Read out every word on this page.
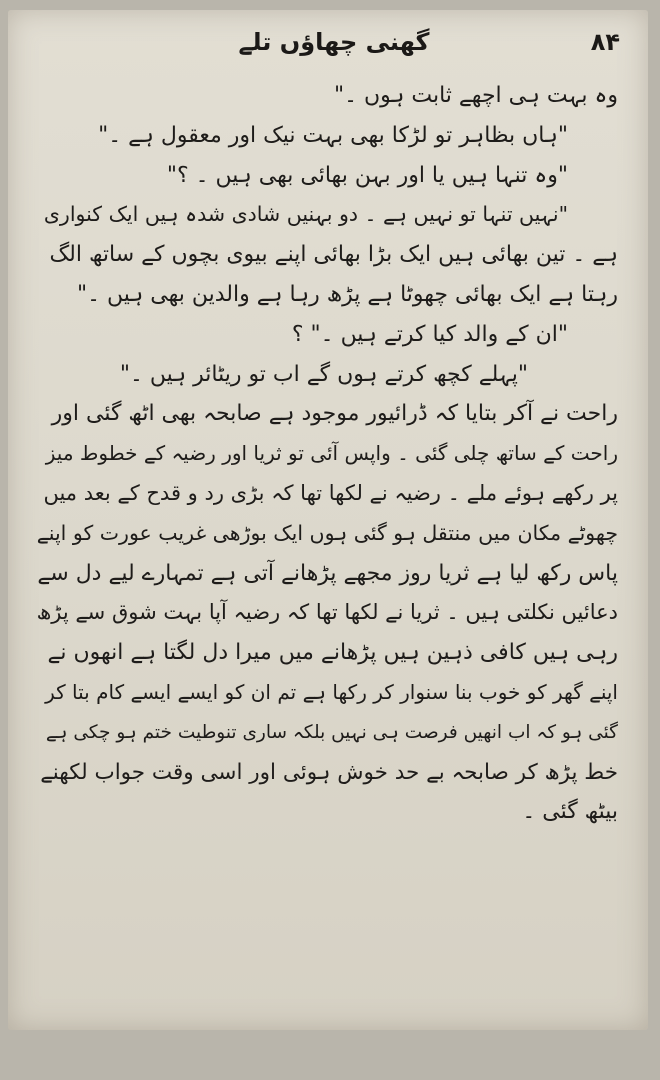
۸۴
گھنی چھاؤں تلے
وہ بہت ہی اچھے ثابت ہوں ۔"
"ہاں بظاہر تو لڑکا بھی بہت نیک اور معقول ہے ۔"
"وہ تنہا ہیں یا اور بہن بھائی بھی ہیں ۔ ؟"
"نہیں تنہا تو نہیں ہے ۔ دو بہنیں شادی شدہ ہیں ایک کنواری
ہے ۔ تین بھائی ہیں ایک بڑا بھائی اپنے بیوی بچوں کے ساتھ الگ
رہتا ہے ایک بھائی چھوٹا ہے پڑھ رہا ہے والدین بھی ہیں ۔"
"ان کے والد کیا کرتے ہیں ۔" ؟
"پہلے کچھ کرتے ہوں گے اب تو ریٹائر ہیں ۔"
راحت نے آکر بتایا کہ ڈرائیور موجود ہے صابحہ بھی اٹھ گئی اور
راحت کے ساتھ چلی گئی ۔ واپس آئی تو ثریا اور رضیہ کے خطوط میز
پر رکھے ہوئے ملے ۔ رضیہ نے لکھا تھا کہ بڑی رد و قدح کے بعد میں
چھوٹے مکان میں منتقل ہو گئی ہوں ایک بوڑھی غریب عورت کو اپنے
پاس رکھ لیا ہے ثریا روز مجھے پڑھانے آتی ہے تمہارے لیے دل سے
دعائیں نکلتی ہیں ۔ ثریا نے لکھا تھا کہ رضیہ آپا بہت شوق سے پڑھ
رہی ہیں کافی ذہین ہیں پڑھانے میں میرا دل لگتا ہے انھوں نے
اپنے گھر کو خوب بنا سنوار کر رکھا ہے تم ان کو ایسے ایسے کام بتا کر
گئی ہو کہ اب انھیں فرصت ہی نہیں بلکہ ساری تنوطیت ختم ہو چکی ہے
خط پڑھ کر صابحہ بے حد خوش ہوئی اور اسی وقت جواب لکھنے
بیٹھ گئی ۔
